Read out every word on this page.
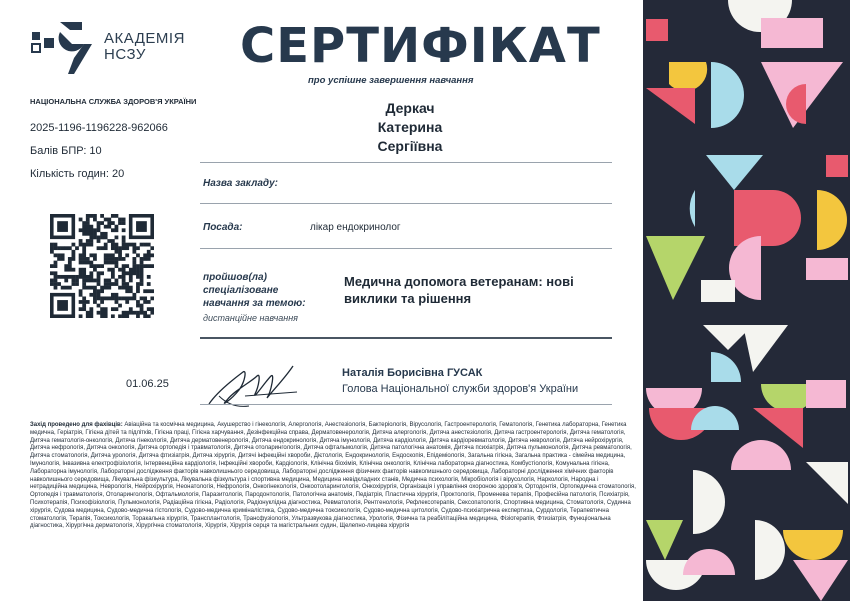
АКАДЕМІЯ
НСЗУ
НАЦІОНАЛЬНА СЛУЖБА ЗДОРОВ'Я УКРАЇНИ
2025-1196-1196228-962066
Балів БПР: 10
Кількість годин: 20
СЕРТИФІКАТ
про успішне завершення навчання
Деркач
Катерина
Сергіївна
Назва закладу:
Посада:	лікар ендокринолог
пройшов(ла)
спеціалізоване
навчання за темою:
Медична допомога ветеранам: нові виклики та рішення
дистанційне навчання
01.06.25
Наталія Борисівна ГУСАК
Голова Національної служби здоров'я України
Захід проведено для фахівців: Авіаційна та космічна медицина, Акушерство і гінекологія, Алергологія, Анестезіологія, Бактеріологія, Вірусологія, Гастроентерологія, Гематологія, Генетика лабораторна, Генетика медична, Геріатрія, Гігієна дітей та підлітків, Гігієна праці, Гігієна харчування, Дезінфекційна справа, Дерматовенерологія, Дитяча алергологія, Дитяча анестезіологія, Дитяча гастроентерологія, Дитяча гематологія, Дитяча гематологія-онкологія, Дитяча гінекологія, Дитяча дерматовенерологія, Дитяча ендокринологія, Дитяча імунологія, Дитяча кардіологія, Дитяча кардіоревматологія, Дитяча неврологія, Дитяча нейрохірургія, Дитяча нефрологія, Дитяча онкологія, Дитяча ортопедія і травматологія, Дитяча отоларингологія, Дитяча офтальмологія, Дитяча патологічна анатомія, Дитяча психіатрія, Дитяча пульмонологія, Дитяча ревматологія, Дитяча стоматологія, Дитяча урологія, Дитяча фтизіатрія, Дитяча хірургія, Дитячі інфекційні хвороби, Дієтологія, Ендокринологія, Ендоскопія, Епідеміологія, Загальна гігієна, Загальна практика - сімейна медицина, Імунологія, Інвазивна електрофізіологія, Інтервенційна кардіологія, Інфекційні хвороби, Кардіологія, Клінічна біохімія, Клінічна онкологія, Клінічна лабораторна діагностика, Комбустіологія, Комунальна гігієна, Лабораторна імунологія, Лабораторні дослідження факторів навколишнього середовища, Лабораторні дослідження фізичних факторів навколишнього середовища, Лабораторні дослідження хімічних факторів навколишнього середовища, Лікувальна фізкультура, Лікувальна фізкультура і спортивна медицина, Медицина невідкладних станів, Медична психологія, Мікробіологія і вірусологія, Наркологія, Народна і нетрадиційна медицина, Неврологія, Нейрохірургія, Неонатологія, Нефрологія, Онкогінекологія, Онкоотоларингологія, Онкохірургія, Організація і управління охороною здоров'я, Ортодонтія, Ортопедична стоматологія, Ортопедія і травматологія, Отоларингологія, Офтальмологія, Паразитологія, Пародонтологія, Патологічна анатомія, Педіатрія, Пластична хірургія, Проктологія, Променева терапія, Професійна патологія, Психіатрія, Психотерапія, Психофізіологія, Пульмонологія, Радіаційна гігієна, Радіологія, Радіонуклідна діагностика, Ревматологія, Рентгенологія, Рефлексотерапія, Сексопатологія, Спортивна медицина, Стоматологія, Судинна хірургія, Судова медицина, Судово-медична гістологія, Судово-медична криміналістика, Судово-медична токсикологія, Судово-медична цитологія, Судово-психіатрична експертиза, Сурдологія, Терапевтична стоматологія, Терапія, Токсикологія, Торакальна хірургія, Трансплантологія, Трансфузіологія, Ультразвукова діагностика, Урологія, Фізична та реабілітаційна медицина, Фізіотерапія, Фтизіатрія, Функціональна діагностика, Хірургічна дерматологія, Хірургічна стоматологія, Хірургія, Хірургія серця та магістральних судин, Щелепно-лицева хірургія
